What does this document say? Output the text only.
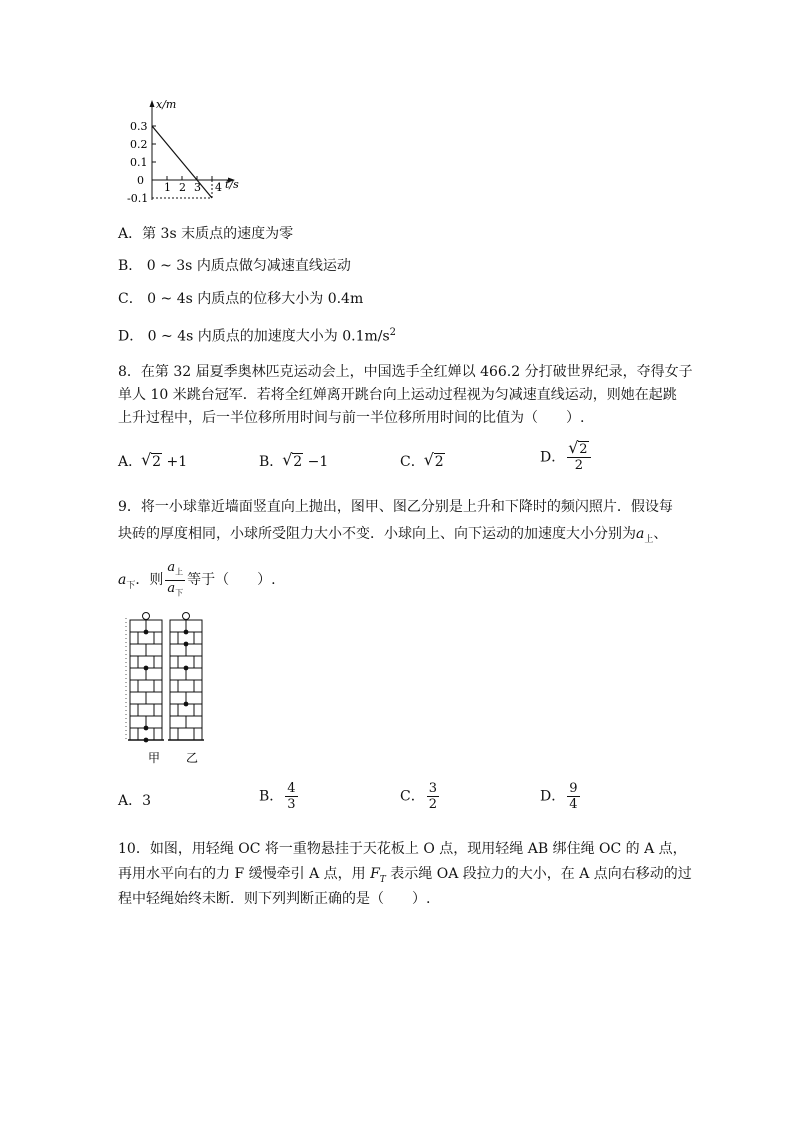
x/m
t/s
0.3
0.2
0.1
0
-0.1
1 2 3 4
A．第 3s 末质点的速度为零
B． 0 ~ 3s 内质点做匀减速直线运动
C． 0 ~ 4s 内质点的位移大小为 0.4m
D． 0 ~ 4s 内质点的加速度大小为 $0.1m/s^2$
8．在第 32 届夏季奥林匹克运动会上，中国选手全红婵以 466.2 分打破世界纪录，夺得女子
单人 10 米跳台冠军．若将全红婵离开跳台向上运动过程视为匀减速直线运动，则她在起跳
上升过程中，后一半位移所用时间与前一半位移所用时间的比值为（　　）.
A． √ 2 +1	B． √ 2 −1	C． √ 2	D． √ $\frac{2}{2}$
9．将一小球靠近墙面竖直向上抛出，图甲、图乙分别是上升和下降时的频闪照片．假设每
块砖的厚度相同，小球所受阻力大小不变．小球向上、向下运动的加速度大小分别为$a_上$、
$a_下$．则 $\frac{a_上}{a_下}$ 等于（　　）.
甲 乙
A．3	B． $\frac{4}{3}$	C． $\frac{3}{2}$	D． $\frac{9}{4}$
10．如图，用轻绳 OC 将一重物悬挂于天花板上 O 点，现用轻绳 AB 绑住绳 OC 的 A 点，
再用水平向右的力 F 缓慢牵引 A 点，用 $F_T$ 表示绳 OA 段拉力的大小，在 A 点向右移动的过
程中轻绳始终未断．则下列判断正确的是（　　）.
